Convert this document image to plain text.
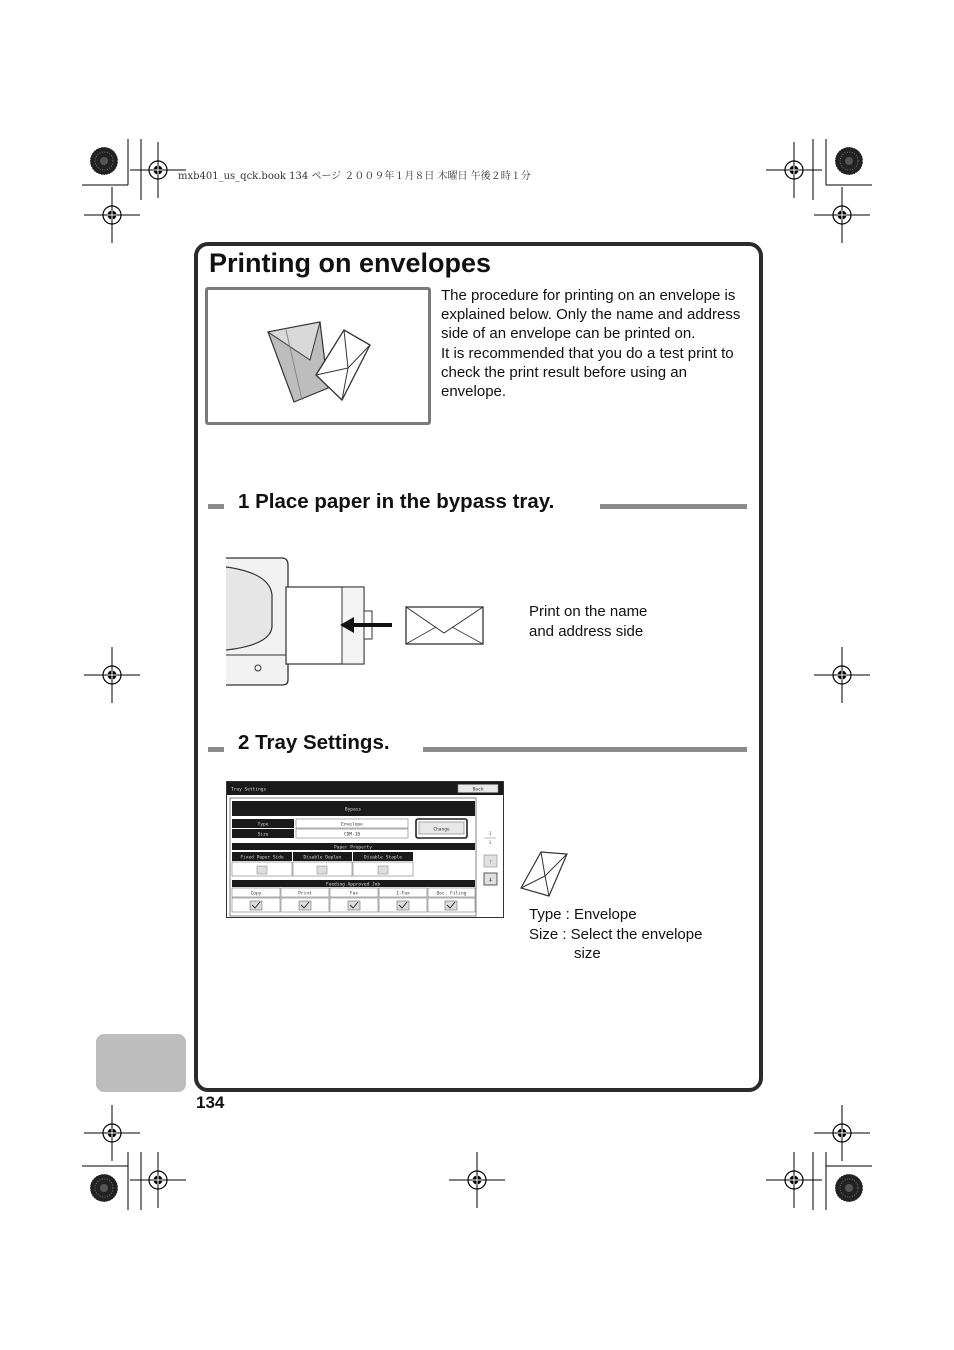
mxb401_us_qck.book 134 ページ ２００９年１月８日 木曜日 午後２時１分
Printing on envelopes

The procedure for printing on an envelope is explained below. Only the name and address side of an envelope can be printed on.

It is recommended that you do a test print to check the print result before using an envelope.

1 Place paper in the bypass tray.
Print on the name
and address side
2 Tray Settings.
Tray Settings	Back
Bypass
Type	Envelope
Size	COM-10
Change
1
1
↑
↓
Paper Property
Fixed Paper Side	Disable Duplex	Disable Staple
Feeding Approved Job
Copy	Print	Fax	I-Fax	Doc. Filing
Type : Envelope
Size : Select the envelope
size
134
